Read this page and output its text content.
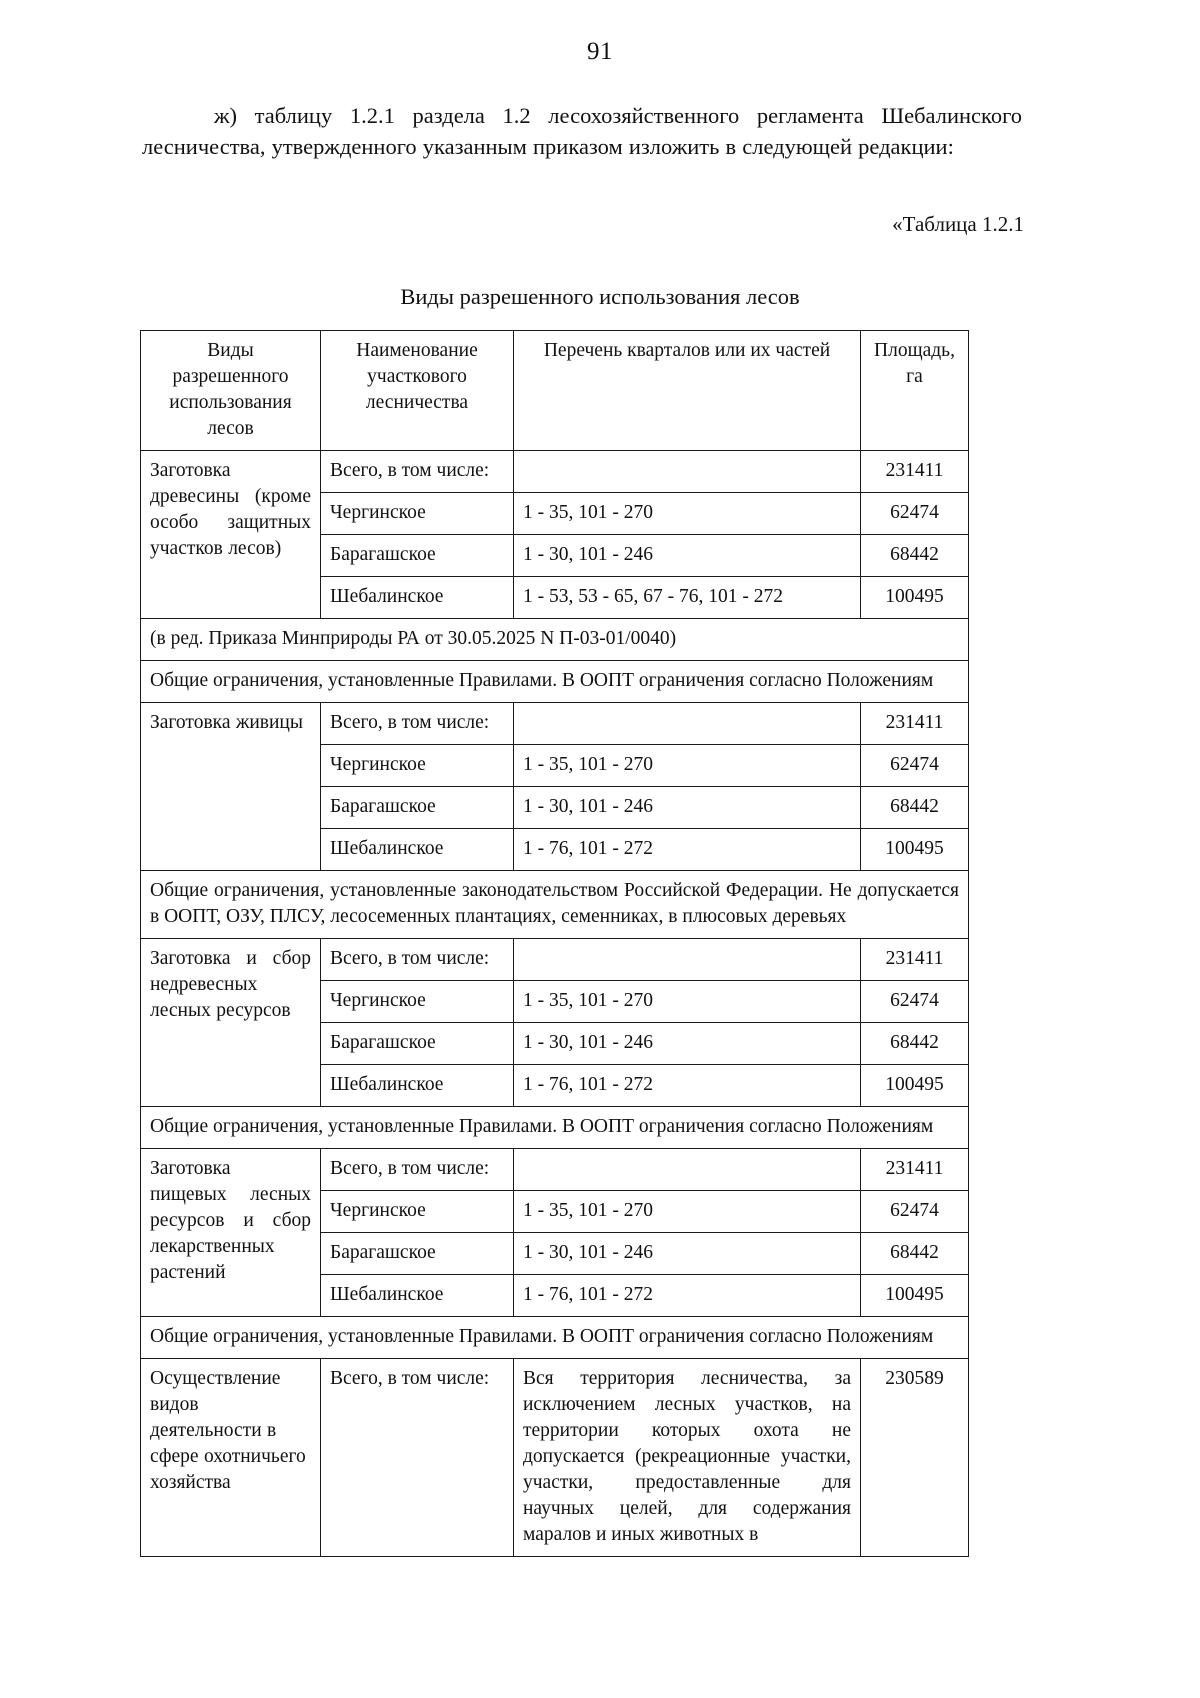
91
ж) таблицу 1.2.1 раздела 1.2 лесохозяйственного регламента Шебалинского лесничества, утвержденного указанным приказом изложить в следующей редакции:
«Таблица 1.2.1
Виды разрешенного использования лесов
Виды разрешенного использования лесов	Наименование участкового лесничества	Перечень кварталов или их частей	Площадь, га
Заготовка древесины (кроме особо защитных участков лесов)	Всего, в том числе:		231411
	Чергинское	1 - 35, 101 - 270	62474
	Барагашское	1 - 30, 101 - 246	68442
	Шебалинское	1 - 53, 53 - 65, 67 - 76, 101 - 272	100495
(в ред. Приказа Минприроды РА от 30.05.2025 N П-03-01/0040)			
Общие ограничения, установленные Правилами. В ООПТ ограничения согласно Положениям			
Заготовка живицы	Всего, в том числе:		231411
	Чергинское	1 - 35, 101 - 270	62474
	Барагашское	1 - 30, 101 - 246	68442
	Шебалинское	1 - 76, 101 - 272	100495
Общие ограничения, установленные законодательством Российской Федерации. Не допускается в ООПТ, ОЗУ, ПЛСУ, лесосеменных плантациях, семенниках, в плюсовых деревьях			
Заготовка и сбор недревесных лесных ресурсов	Всего, в том числе:		231411
	Чергинское	1 - 35, 101 - 270	62474
	Барагашское	1 - 30, 101 - 246	68442
	Шебалинское	1 - 76, 101 - 272	100495
Общие ограничения, установленные Правилами. В ООПТ ограничения согласно Положениям			
Заготовка пищевых лесных ресурсов и сбор лекарственных растений	Всего, в том числе:		231411
	Чергинское	1 - 35, 101 - 270	62474
	Барагашское	1 - 30, 101 - 246	68442
	Шебалинское	1 - 76, 101 - 272	100495
Общие ограничения, установленные Правилами. В ООПТ ограничения согласно Положениям			
Осуществление видов деятельности в сфере охотничьего хозяйства	Всего, в том числе:	Вся территория лесничества, за исключением лесных участков, на территории которых охота не допускается (рекреационные участки, участки, предоставленные для научных целей, для содержания маралов и иных животных в	230589
